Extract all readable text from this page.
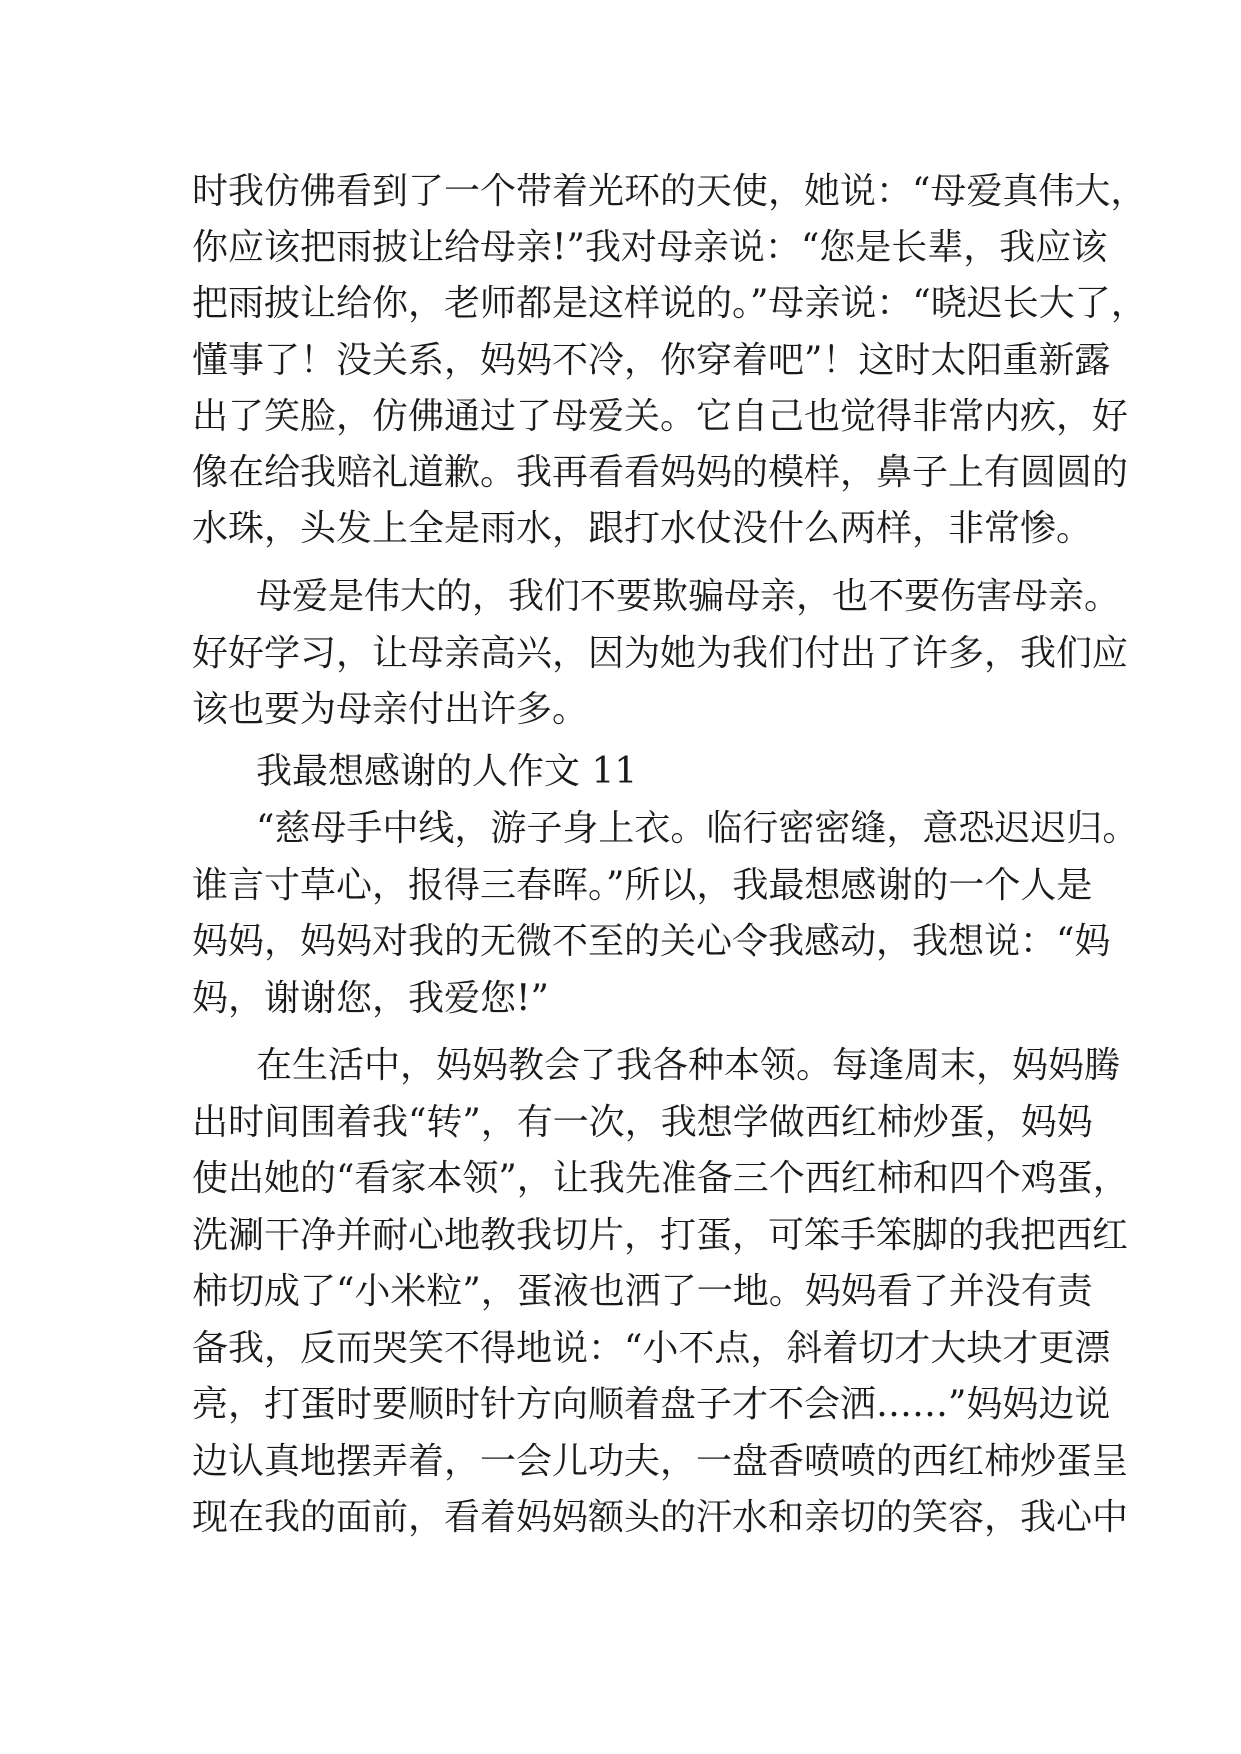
时我仿佛看到了一个带着光环的天使，她说：“母爱真伟大，
你应该把雨披让给母亲!”我对母亲说：“您是长辈，我应该
把雨披让给你，老师都是这样说的。”母亲说：“晓迟长大了，
懂事了！没关系，妈妈不冷，你穿着吧”！这时太阳重新露
出了笑脸，仿佛通过了母爱关。它自己也觉得非常内疚，好
像在给我赔礼道歉。我再看看妈妈的模样，鼻子上有圆圆的
水珠，头发上全是雨水，跟打水仗没什么两样，非常惨。
母爱是伟大的，我们不要欺骗母亲，也不要伤害母亲。
好好学习，让母亲高兴，因为她为我们付出了许多，我们应
该也要为母亲付出许多。
我最想感谢的人作文 11
“慈母手中线，游子身上衣。临行密密缝，意恐迟迟归。
谁言寸草心，报得三春晖。”所以，我最想感谢的一个人是
妈妈，妈妈对我的无微不至的关心令我感动，我想说：“妈
妈，谢谢您，我爱您!”
在生活中，妈妈教会了我各种本领。每逢周末，妈妈腾
出时间围着我“转”，有一次，我想学做西红柿炒蛋，妈妈
使出她的“看家本领”，让我先准备三个西红柿和四个鸡蛋，
洗涮干净并耐心地教我切片，打蛋，可笨手笨脚的我把西红
柿切成了“小米粒”，蛋液也洒了一地。妈妈看了并没有责
备我，反而哭笑不得地说：“小不点，斜着切才大块才更漂
亮，打蛋时要顺时针方向顺着盘子才不会洒……”妈妈边说
边认真地摆弄着，一会儿功夫，一盘香喷喷的西红柿炒蛋呈
现在我的面前，看着妈妈额头的汗水和亲切的笑容，我心中
